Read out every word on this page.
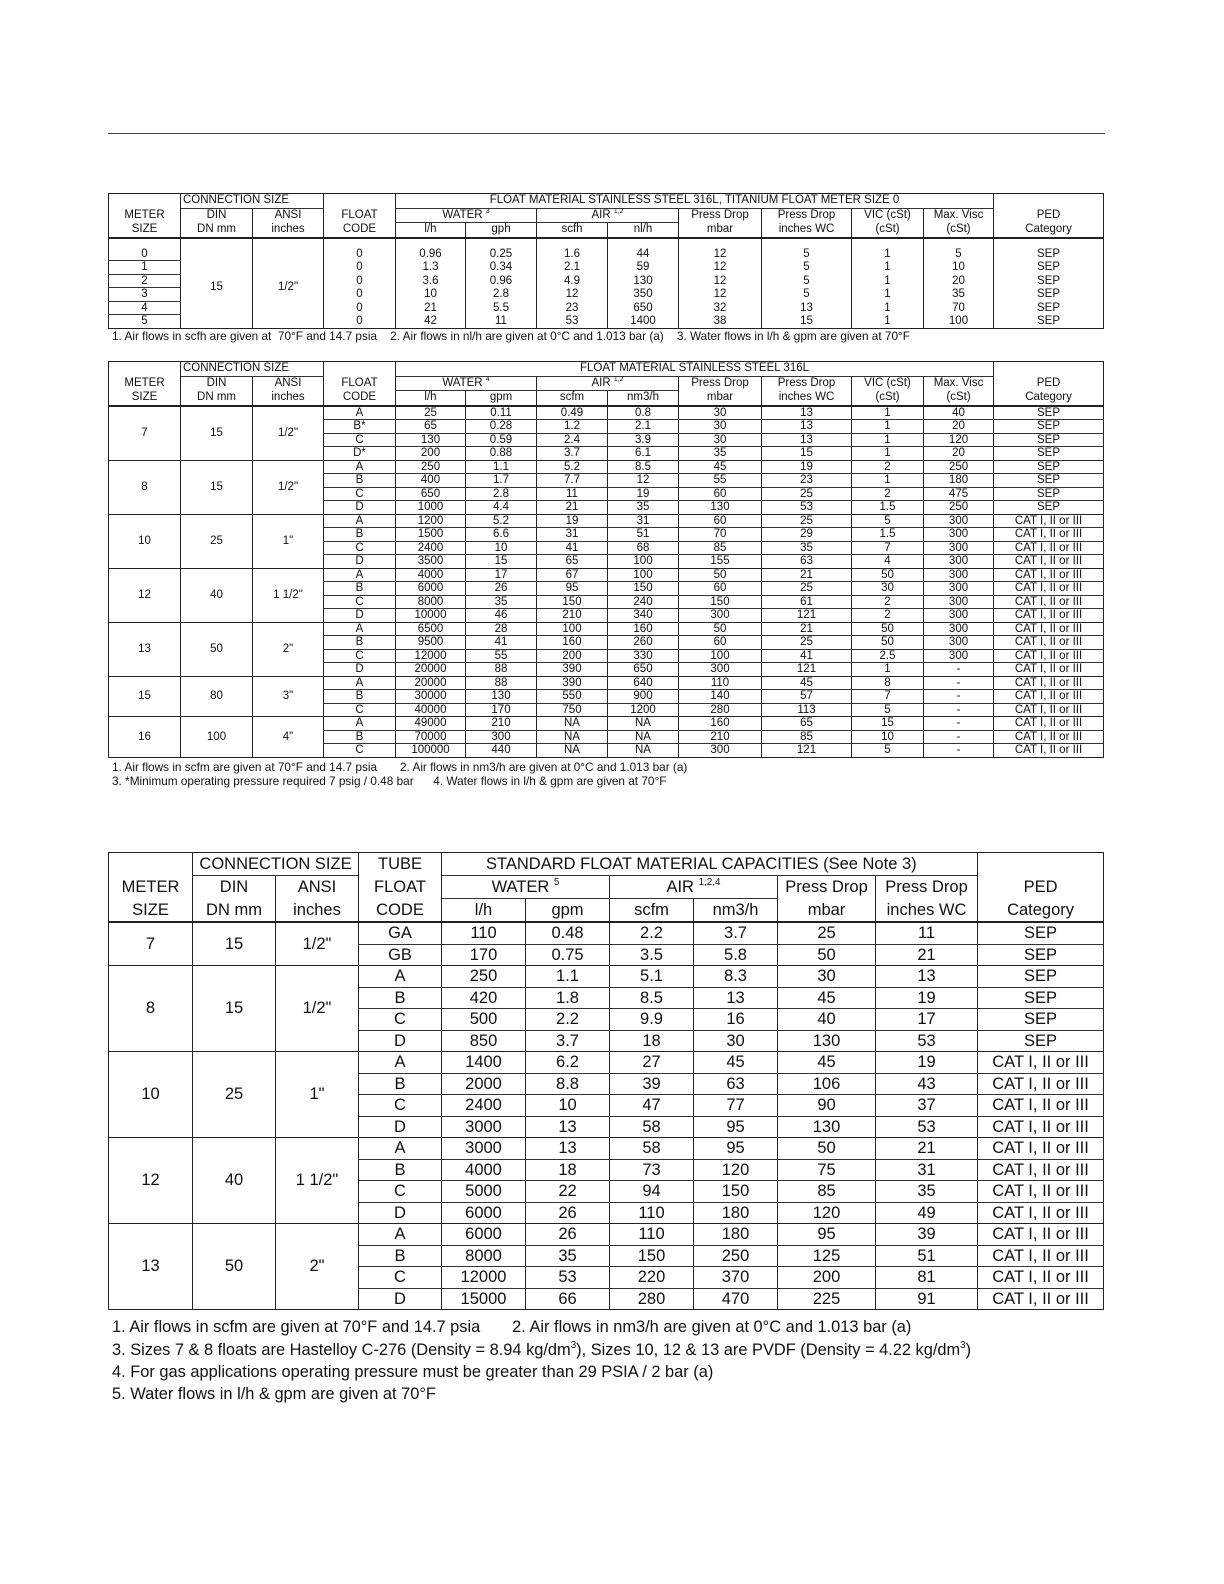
	CONNECTION SIZE			FLOAT MATERIAL STAINLESS STEEL 316L, TITANIUM FLOAT METER SIZE 0								
METER	DIN	ANSI	FLOAT	WATER $^3$		AIR $^{1,2}$		Press Drop	Press Drop	VIC (cSt)	Max. Visc	PED
SIZE	DN mm	inches	CODE	l/h	gph	scfh	nl/h	mbar	inches WC	(cSt)	(cSt)	Category

0	15	1/2"	0	0.96	0.25	1.6	44	12	5	1	5	SEP
1			0	1.3	0.34	2.1	59	12	5	1	10	SEP
2			0	3.6	0.96	4.9	130	12	5	1	20	SEP
3			0	10	2.8	12	350	12	5	1	35	SEP
4			0	21	5.5	23	650	32	13	1	70	SEP
5			0	42	11	53	1400	38	15	1	100	SEP
1. Air flows in scfh are given at  70°F and 14.7 psia    2. Air flows in nl/h are given at 0°C and 1.013 bar (a)    3. Water flows in l/h & gpm are given at 70°F
	CONNECTION SIZE			FLOAT MATERIAL STAINLESS STEEL 316L								
METER	DIN	ANSI	FLOAT	WATER $^4$		AIR $^{1,2}$		Press Drop	Press Drop	VIC (cSt)	Max. Visc	PED
SIZE	DN mm	inches	CODE	l/h	gpm	scfm	nm3/h	mbar	inches WC	(cSt)	(cSt)	Category
7	15	1/2"	A	25	0.11	0.49	0.8	30	13	1	40	SEP
			B*	65	0.28	1.2	2.1	30	13	1	20	SEP
			C	130	0.59	2.4	3.9	30	13	1	120	SEP
			D*	200	0.88	3.7	6.1	35	15	1	20	SEP
8	15	1/2"	A	250	1.1	5.2	8.5	45	19	2	250	SEP
			B	400	1.7	7.7	12	55	23	1	180	SEP
			C	650	2.8	11	19	60	25	2	475	SEP
			D	1000	4.4	21	35	130	53	1.5	250	SEP
10	25	1"	A	1200	5.2	19	31	60	25	5	300	CAT I, II or III
			B	1500	6.6	31	51	70	29	1.5	300	CAT I, II or III
			C	2400	10	41	68	85	35	7	300	CAT I, II or III
			D	3500	15	65	100	155	63	4	300	CAT I, II or III
12	40	1 1/2"	A	4000	17	67	100	50	21	50	300	CAT I, II or III
			B	6000	26	95	150	60	25	30	300	CAT I, II or III
			C	8000	35	150	240	150	61	2	300	CAT I, II or III
			D	10000	46	210	340	300	121	2	300	CAT I, II or III
13	50	2"	A	6500	28	100	160	50	21	50	300	CAT I, II or III
			B	9500	41	160	260	60	25	50	300	CAT I, II or III
			C	12000	55	200	330	100	41	2.5	300	CAT I, II or III
			D	20000	88	390	650	300	121	1	-	CAT I, II or III
15	80	3"	A	20000	88	390	640	110	45	8	-	CAT I, II or III
			B	30000	130	550	900	140	57	7	-	CAT I, II or III
			C	40000	170	750	1200	280	113	5	-	CAT I, II or III
16	100	4"	A	49000	210	NA	NA	160	65	15	-	CAT I, II or III
			B	70000	300	NA	NA	210	85	10	-	CAT I, II or III
			C	100000	440	NA	NA	300	121	5	-	CAT I, II or III
1. Air flows in scfm are given at 70°F and 14.7 psia       2. Air flows in nm3/h are given at 0°C and 1.013 bar (a)
3. *Minimum operating pressure required 7 psig / 0.48 bar      4. Water flows in l/h & gpm are given at 70°F
	CONNECTION SIZE		TUBE	STANDARD FLOAT MATERIAL CAPACITIES (See Note 3)						
METER	DIN	ANSI	FLOAT	WATER $^5$		AIR $^{1,2,4}$		Press Drop	Press Drop	PED
SIZE	DN mm	inches	CODE	l/h	gpm	scfm	nm3/h	mbar	inches WC	Category
7	15	1/2"	GA	110	0.48	2.2	3.7	25	11	SEP
			GB	170	0.75	3.5	5.8	50	21	SEP
8	15	1/2"	A	250	1.1	5.1	8.3	30	13	SEP
			B	420	1.8	8.5	13	45	19	SEP
			C	500	2.2	9.9	16	40	17	SEP
			D	850	3.7	18	30	130	53	SEP
10	25	1"	A	1400	6.2	27	45	45	19	CAT I, II or III
			B	2000	8.8	39	63	106	43	CAT I, II or III
			C	2400	10	47	77	90	37	CAT I, II or III
			D	3000	13	58	95	130	53	CAT I, II or III
12	40	1 1/2"	A	3000	13	58	95	50	21	CAT I, II or III
			B	4000	18	73	120	75	31	CAT I, II or III
			C	5000	22	94	150	85	35	CAT I, II or III
			D	6000	26	110	180	120	49	CAT I, II or III
13	50	2"	A	6000	26	110	180	95	39	CAT I, II or III
			B	8000	35	150	250	125	51	CAT I, II or III
			C	12000	53	220	370	200	81	CAT I, II or III
			D	15000	66	280	470	225	91	CAT I, II or III
1. Air flows in scfm are given at 70°F and 14.7 psia       2. Air flows in nm3/h are given at 0°C and 1.013 bar (a)
3. Sizes 7 & 8 floats are Hastelloy C-276 (Density = 8.94 $kg/dm^3$), Sizes 10, 12 & 13 are PVDF (Density = 4.22 $kg/dm^3$)
4. For gas applications operating pressure must be greater than 29 PSIA / 2 bar (a)
5. Water flows in l/h & gpm are given at 70°F
